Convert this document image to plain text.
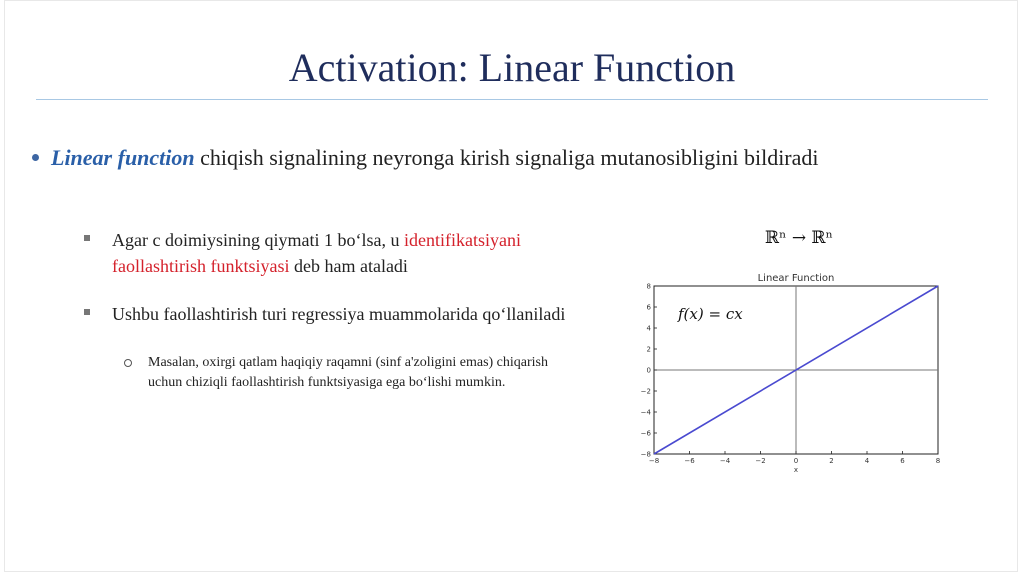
Activation: Linear Function
Linear function chiqish signalining neyronga kirish signaliga mutanosibligini bildiradi
Agar c doimiysining qiymati 1 bo‘lsa, u identifikatsiyani faollashtirish funktsiyasi deb ham ataladi
Ushbu faollashtirish turi regressiya muammolarida qo‘llaniladi
Masalan, oxirgi qatlam haqiqiy raqamni (sinf a'zoligini emas) chiqarish uchun chiziqli faollashtirish funktsiyasiga ega bo‘lishi mumkin.
ℝⁿ → ℝⁿ
Linear Function
−8	−6	−4	−2	0	2	4	6	8
−8
−6
−4
−2
0
2
4
6
8
x
f(x) = cx
